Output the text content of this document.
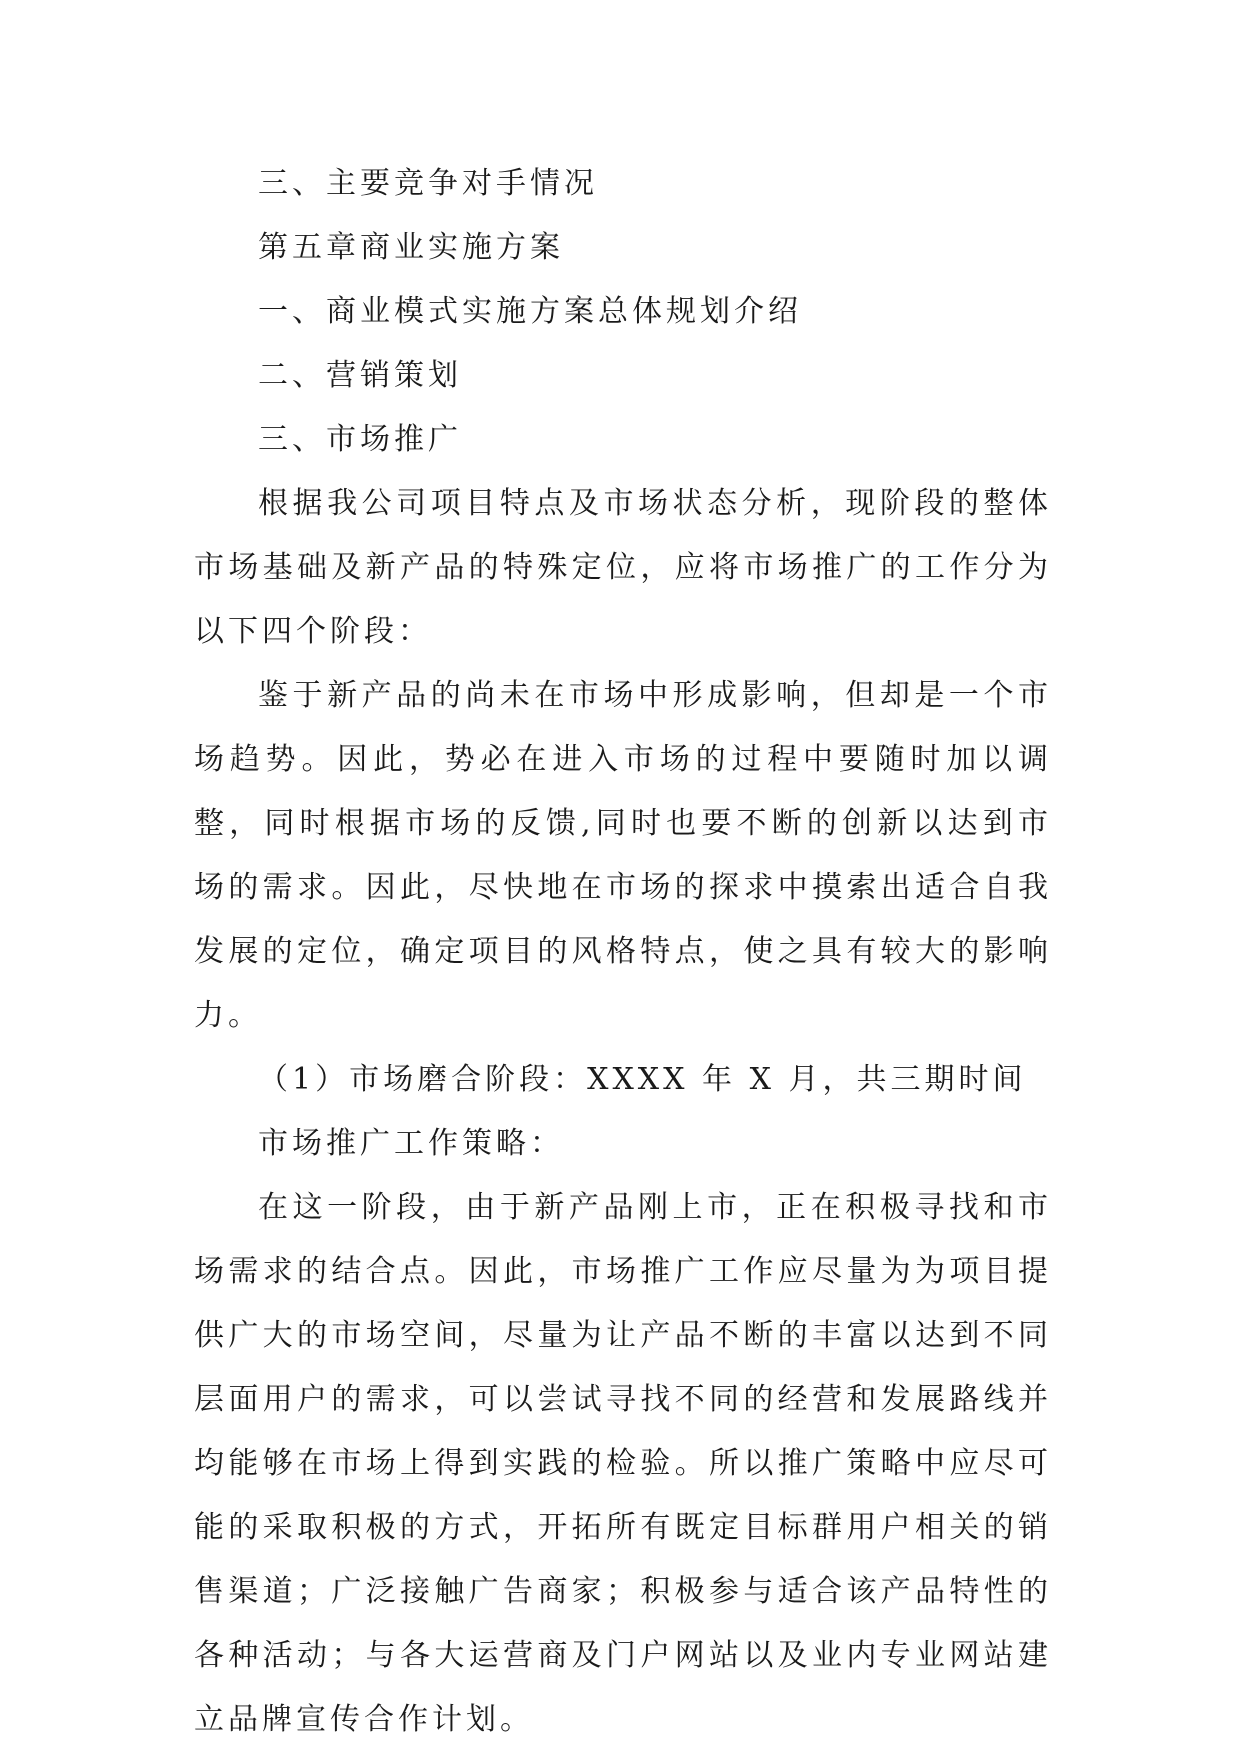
三、主要竞争对手情况

第五章商业实施方案

一、商业模式实施方案总体规划介绍

二、营销策划

三、市场推广

根据我公司项目特点及市场状态分析，现阶段的整体市场基础及新产品的特殊定位，应将市场推广的工作分为以下四个阶段：

鉴于新产品的尚未在市场中形成影响，但却是一个市场趋势。因此，势必在进入市场的过程中要随时加以调整，同时根据市场的反馈,同时也要不断的创新以达到市场的需求。因此，尽快地在市场的探求中摸索出适合自我发展的定位，确定项目的风格特点，使之具有较大的影响力。

（1）市场磨合阶段：XXXX 年 X 月，共三期时间

市场推广工作策略：

在这一阶段，由于新产品刚上市，正在积极寻找和市场需求的结合点。因此，市场推广工作应尽量为为项目提供广大的市场空间，尽量为让产品不断的丰富以达到不同层面用户的需求，可以尝试寻找不同的经营和发展路线并均能够在市场上得到实践的检验。所以推广策略中应尽可能的采取积极的方式，开拓所有既定目标群用户相关的销售渠道；广泛接触广告商家；积极参与适合该产品特性的各种活动；与各大运营商及门户网站以及业内专业网站建立品牌宣传合作计划。
